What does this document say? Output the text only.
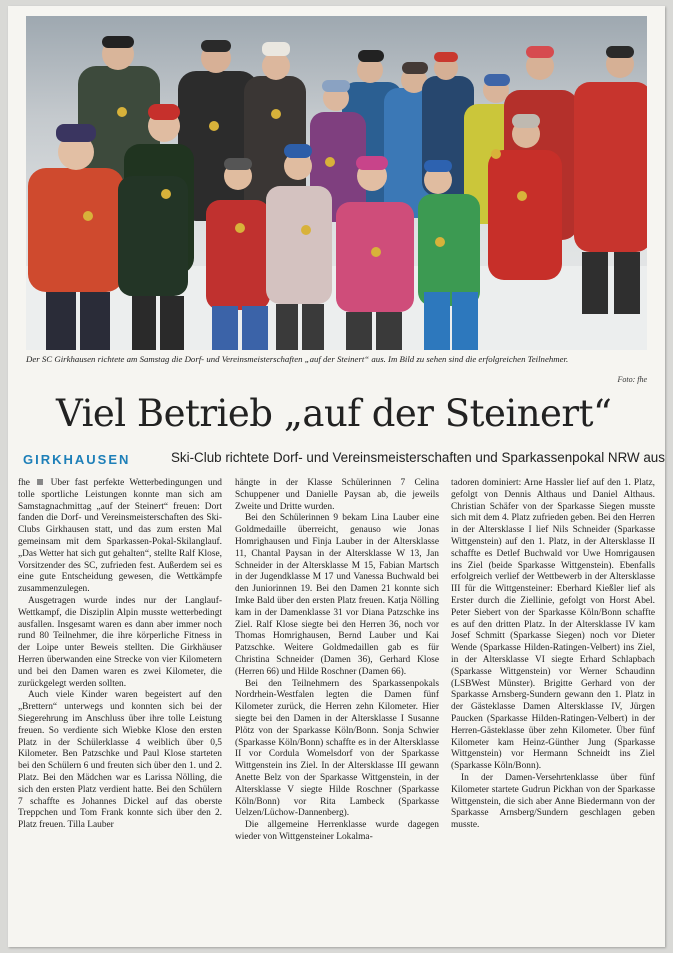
Der SC Girkhausen richtete am Samstag die Dorf- und Vereinsmeisterschaften „auf der Steinert“ aus. Im Bild zu sehen sind die erfolgreichen Teilnehmer.
Foto: fhe
Viel Betrieb „auf der Steinert“
GIRKHAUSEN	Ski-Club richtete Dorf- und Vereinsmeisterschaften und Sparkassenpokal NRW aus

fhe Über fast perfekte Wetterbedingungen und tolle sportliche Leistungen konnte man sich am Samstagnachmittag „auf der Steinert“ freuen: Dort fanden die Dorf- und Vereinsmeisterschaften des Ski-Clubs Girkhausen statt, und das zum ersten Mal gemeinsam mit dem Sparkassen-Pokal-Skilanglauf. „Das Wetter hat sich gut gehalten“, stellte Ralf Klose, Vorsitzender des SC, zufrieden fest. Außerdem sei es eine gute Entscheidung gewesen, die Wettkämpfe zusammenzulegen.

Ausgetragen wurde indes nur der Langlauf-Wettkampf, die Disziplin Alpin musste wetterbedingt ausfallen. Insgesamt waren es dann aber immer noch rund 80 Teilnehmer, die ihre körperliche Fitness in der Loipe unter Beweis stellten. Die Girkhäuser Herren überwanden eine Strecke von vier Kilometern und bei den Damen waren es zwei Kilometer, die zurückgelegt werden sollten.

Auch viele Kinder waren begeistert auf den „Brettern“ unterwegs und konnten sich bei der Siegerehrung im Anschluss über ihre tolle Leistung freuen. So verdiente sich Wiebke Klose den ersten Platz in der Schülerklasse 4 weiblich über 0,5 Kilometer. Ben Patzschke und Paul Klose starteten bei den Schülern 6 und freuten sich über den 1. und 2. Platz. Bei den Mädchen war es Larissa Nölling, die sich den ersten Platz verdient hatte. Bei den Schülern 7 schaffte es Johannes Dickel auf das oberste Treppchen und Tom Frank konnte sich über den 2. Platz freuen. Tilla Lauber

hängte in der Klasse Schülerinnen 7 Celina Schuppener und Danielle Paysan ab, die jeweils Zweite und Dritte wurden.

Bei den Schülerinnen 9 bekam Lina Lauber eine Goldmedaille überreicht, genauso wie Jonas Homrighausen und Finja Lauber in der Altersklasse 11, Chantal Paysan in der Altersklasse W 13, Jan Schneider in der Altersklasse M 15, Fabian Martsch in der Jugendklasse M 17 und Vanessa Buchwald bei den Juniorinnen 19. Bei den Damen 21 konnte sich Imke Bald über den ersten Platz freuen. Katja Nölling kam in der Damenklasse 31 vor Diana Patzschke ins Ziel. Ralf Klose siegte bei den Herren 36, noch vor Thomas Homrighausen, Bernd Lauber und Kai Patzschke. Weitere Goldmedaillen gab es für Christina Schneider (Damen 36), Gerhard Klose (Herren 66) und Hilde Roschner (Damen 66).

Bei den Teilnehmern des Sparkassenpokals Nordrhein-Westfalen legten die Damen fünf Kilometer zurück, die Herren zehn Kilometer. Hier siegte bei den Damen in der Altersklasse I Susanne Plötz von der Sparkasse Köln/Bonn. Sonja Schwier (Sparkasse Köln/Bonn) schaffte es in der Altersklasse II vor Cordula Womelsdorf von der Sparkasse Wittgenstein ins Ziel. In der Altersklasse III gewann Anette Belz von der Sparkasse Wittgenstein, in der Altersklasse V siegte Hilde Roschner (Sparkasse Köln/Bonn) vor Rita Lambeck (Sparkasse Uelzen/Lüchow-Dannenberg).

Die allgemeine Herrenklasse wurde dagegen wieder von Wittgensteiner Lokalma-

tadoren dominiert: Arne Hassler lief auf den 1. Platz, gefolgt von Dennis Althaus und Daniel Althaus. Christian Schäfer von der Sparkasse Siegen musste sich mit dem 4. Platz zufrieden geben. Bei den Herren in der Altersklasse I lief Nils Schneider (Sparkasse Wittgenstein) auf den 1. Platz, in der Altersklasse II schaffte es Detlef Buchwald vor Uwe Homrigausen ins Ziel (beide Sparkasse Wittgenstein). Ebenfalls erfolgreich verlief der Wettbewerb in der Altersklasse III für die Wittgensteiner: Eberhard Kießler lief als Erster durch die Ziellinie, gefolgt von Horst Abel. Peter Siebert von der Sparkasse Köln/Bonn schaffte es auf den dritten Platz. In der Altersklasse IV kam Josef Schmitt (Sparkasse Siegen) noch vor Dieter Wende (Sparkasse Hilden-Ratingen-Velbert) ins Ziel, in der Altersklasse VI siegte Erhard Schlapbach (Sparkasse Wittgenstein) vor Werner Schaudinn (LSBWest Münster). Brigitte Gerhard von der Sparkasse Arnsberg-Sundern gewann den 1. Platz in der Gästeklasse Damen Altersklasse IV, Jürgen Paucken (Sparkasse Hilden-Ratingen-Velbert) in der Herren-Gästeklasse über zehn Kilometer. Über fünf Kilometer kam Heinz-Günther Jung (Sparkasse Wittgenstein) vor Hermann Schneidt ins Ziel (Sparkasse Köln/Bonn).

In der Damen-Versehrtenklasse über fünf Kilometer startete Gudrun Pickhan von der Sparkasse Wittgenstein, die sich aber Anne Biedermann von der Sparkasse Arnsberg/Sundern geschlagen geben musste.
